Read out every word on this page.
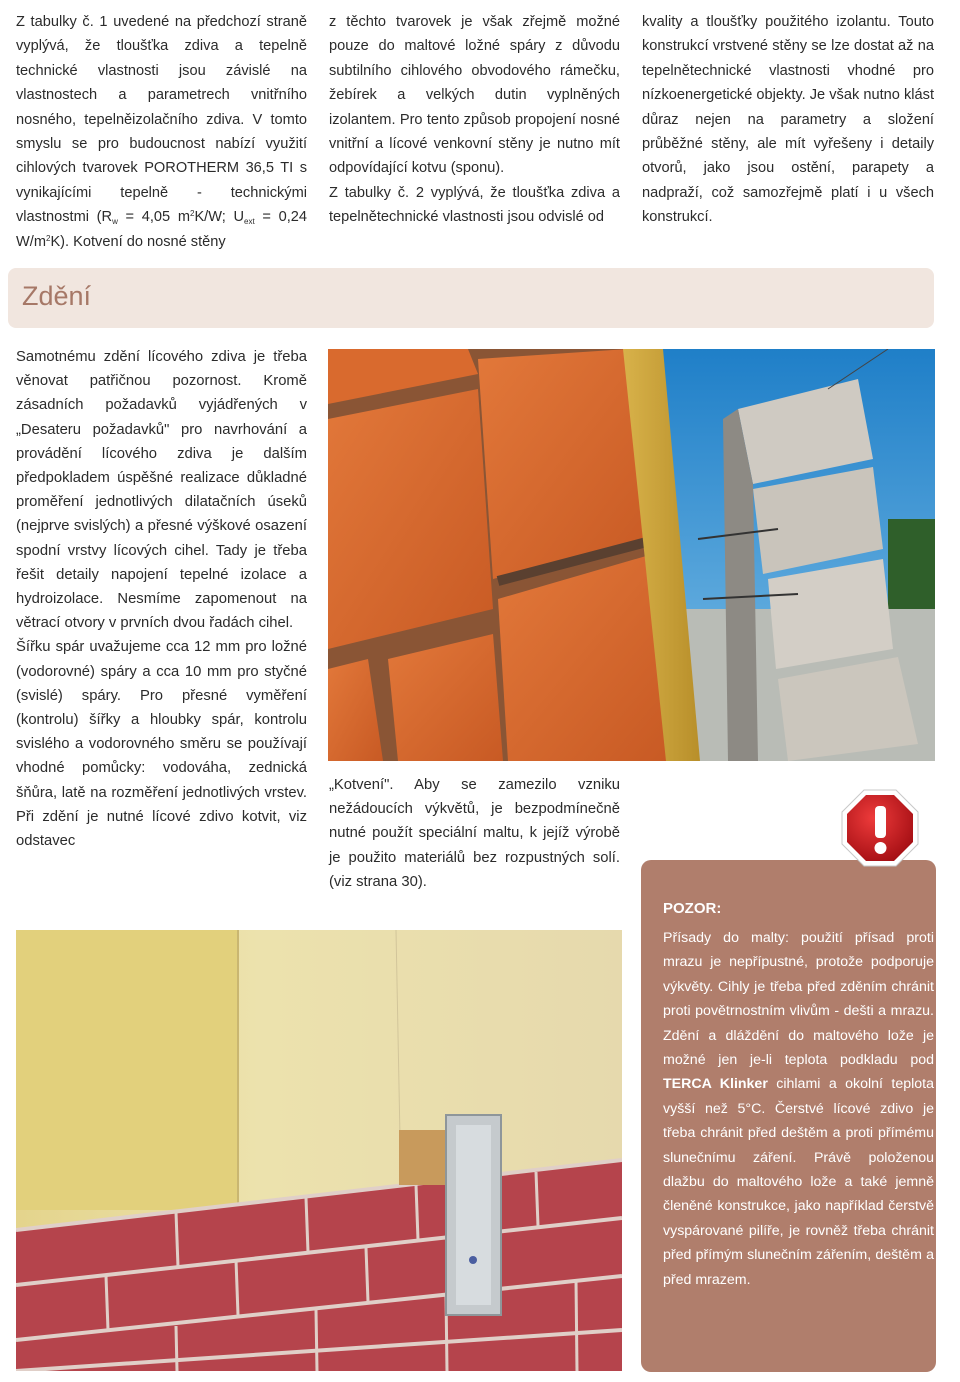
Z tabulky č. 1 uvedené na předchozí straně vyplývá, že tloušťka zdiva a tepelně technické vlastnosti jsou závislé na vlastnostech a parametrech vnitřního nosného, tepelněizolačního zdiva. V tomto smyslu se pro budoucnost nabízí využití cihlových tvarovek POROTHERM 36,5 TI s vynikajícími tepelně - technickými vlastnostmi ($R_w = 4,05$ $m^2K/W$; $U_{ext} = 0,24$ $W/m^2K$). Kotvení do nosné stěny

z těchto tvarovek je však zřejmě možné pouze do maltové ložné spáry z důvodu subtilního cihlového obvodového rámečku, žebírek a velkých dutin vyplněných izolantem. Pro tento způsob propojení nosné vnitřní a lícové venkovní stěny je nutno mít odpovídající kotvu (sponu).

Z tabulky č. 2 vyplývá, že tloušťka zdiva a tepelnětechnické vlastnosti jsou odvislé od

kvality a tloušťky použitého izolantu. Touto konstrukcí vrstvené stěny se lze dostat až na tepelnětechnické vlastnosti vhodné pro nízkoenergetické objekty. Je však nutno klást důraz nejen na parametry a složení průběžné stěny, ale mít vyřešeny i detaily otvorů, jako jsou ostění, parapety a nadpraží, což samozřejmě platí i u všech konstrukcí.

Zdění

Samotnému zdění lícového zdiva je třeba věnovat patřičnou pozornost. Kromě zásadních požadavků vyjádřených v „Desateru požadavků" pro navrhování a provádění lícového zdiva je dalším předpokladem úspěšné realizace důkladné proměření jednotlivých dilatačních úseků (nejprve svislých) a přesné výškové osazení spodní vrstvy lícových cihel. Tady je třeba řešit detaily napojení tepelné izolace a hydroizolace. Nesmíme zapomenout na větrací otvory v prvních dvou řadách cihel.

Šířku spár uvažujeme cca 12 mm pro ložné (vodorovné) spáry a cca 10 mm pro styčné (svislé) spáry. Pro přesné vyměření (kontrolu) šířky a hloubky spár, kontrolu svislého a vodorovného směru se používají vhodné pomůcky: vodováha, zednická šňůra, latě na rozměření jednotlivých vrstev. Při zdění je nutné lícové zdivo kotvit, viz odstavec

„Kotvení". Aby se zamezilo vzniku nežádoucích výkvětů, je bezpodmínečně nutné použít speciální maltu, k jejíž výrobě je použito materiálů bez rozpustných solí. (viz strana 30).

POZOR:

Přísady do malty: použití přísad proti mrazu je nepřípustné, protože podporuje výkvěty. Cihly je třeba před zděním chránit proti povětrnostním vlivům - dešti a mrazu. Zdění a dláždění do maltového lože je možné jen je-li teplota podkladu pod TERCA Klinker cihlami a okolní teplota vyšší než 5°C. Čerstvé lícové zdivo je třeba chránit před deštěm a proti přímému slunečnímu záření. Právě položenou dlažbu do maltového lože a také jemně členěné konstrukce, jako například čerstvě vyspárované pilíře, je rovněž třeba chránit před přímým slunečním zářením, deštěm a před mrazem.
